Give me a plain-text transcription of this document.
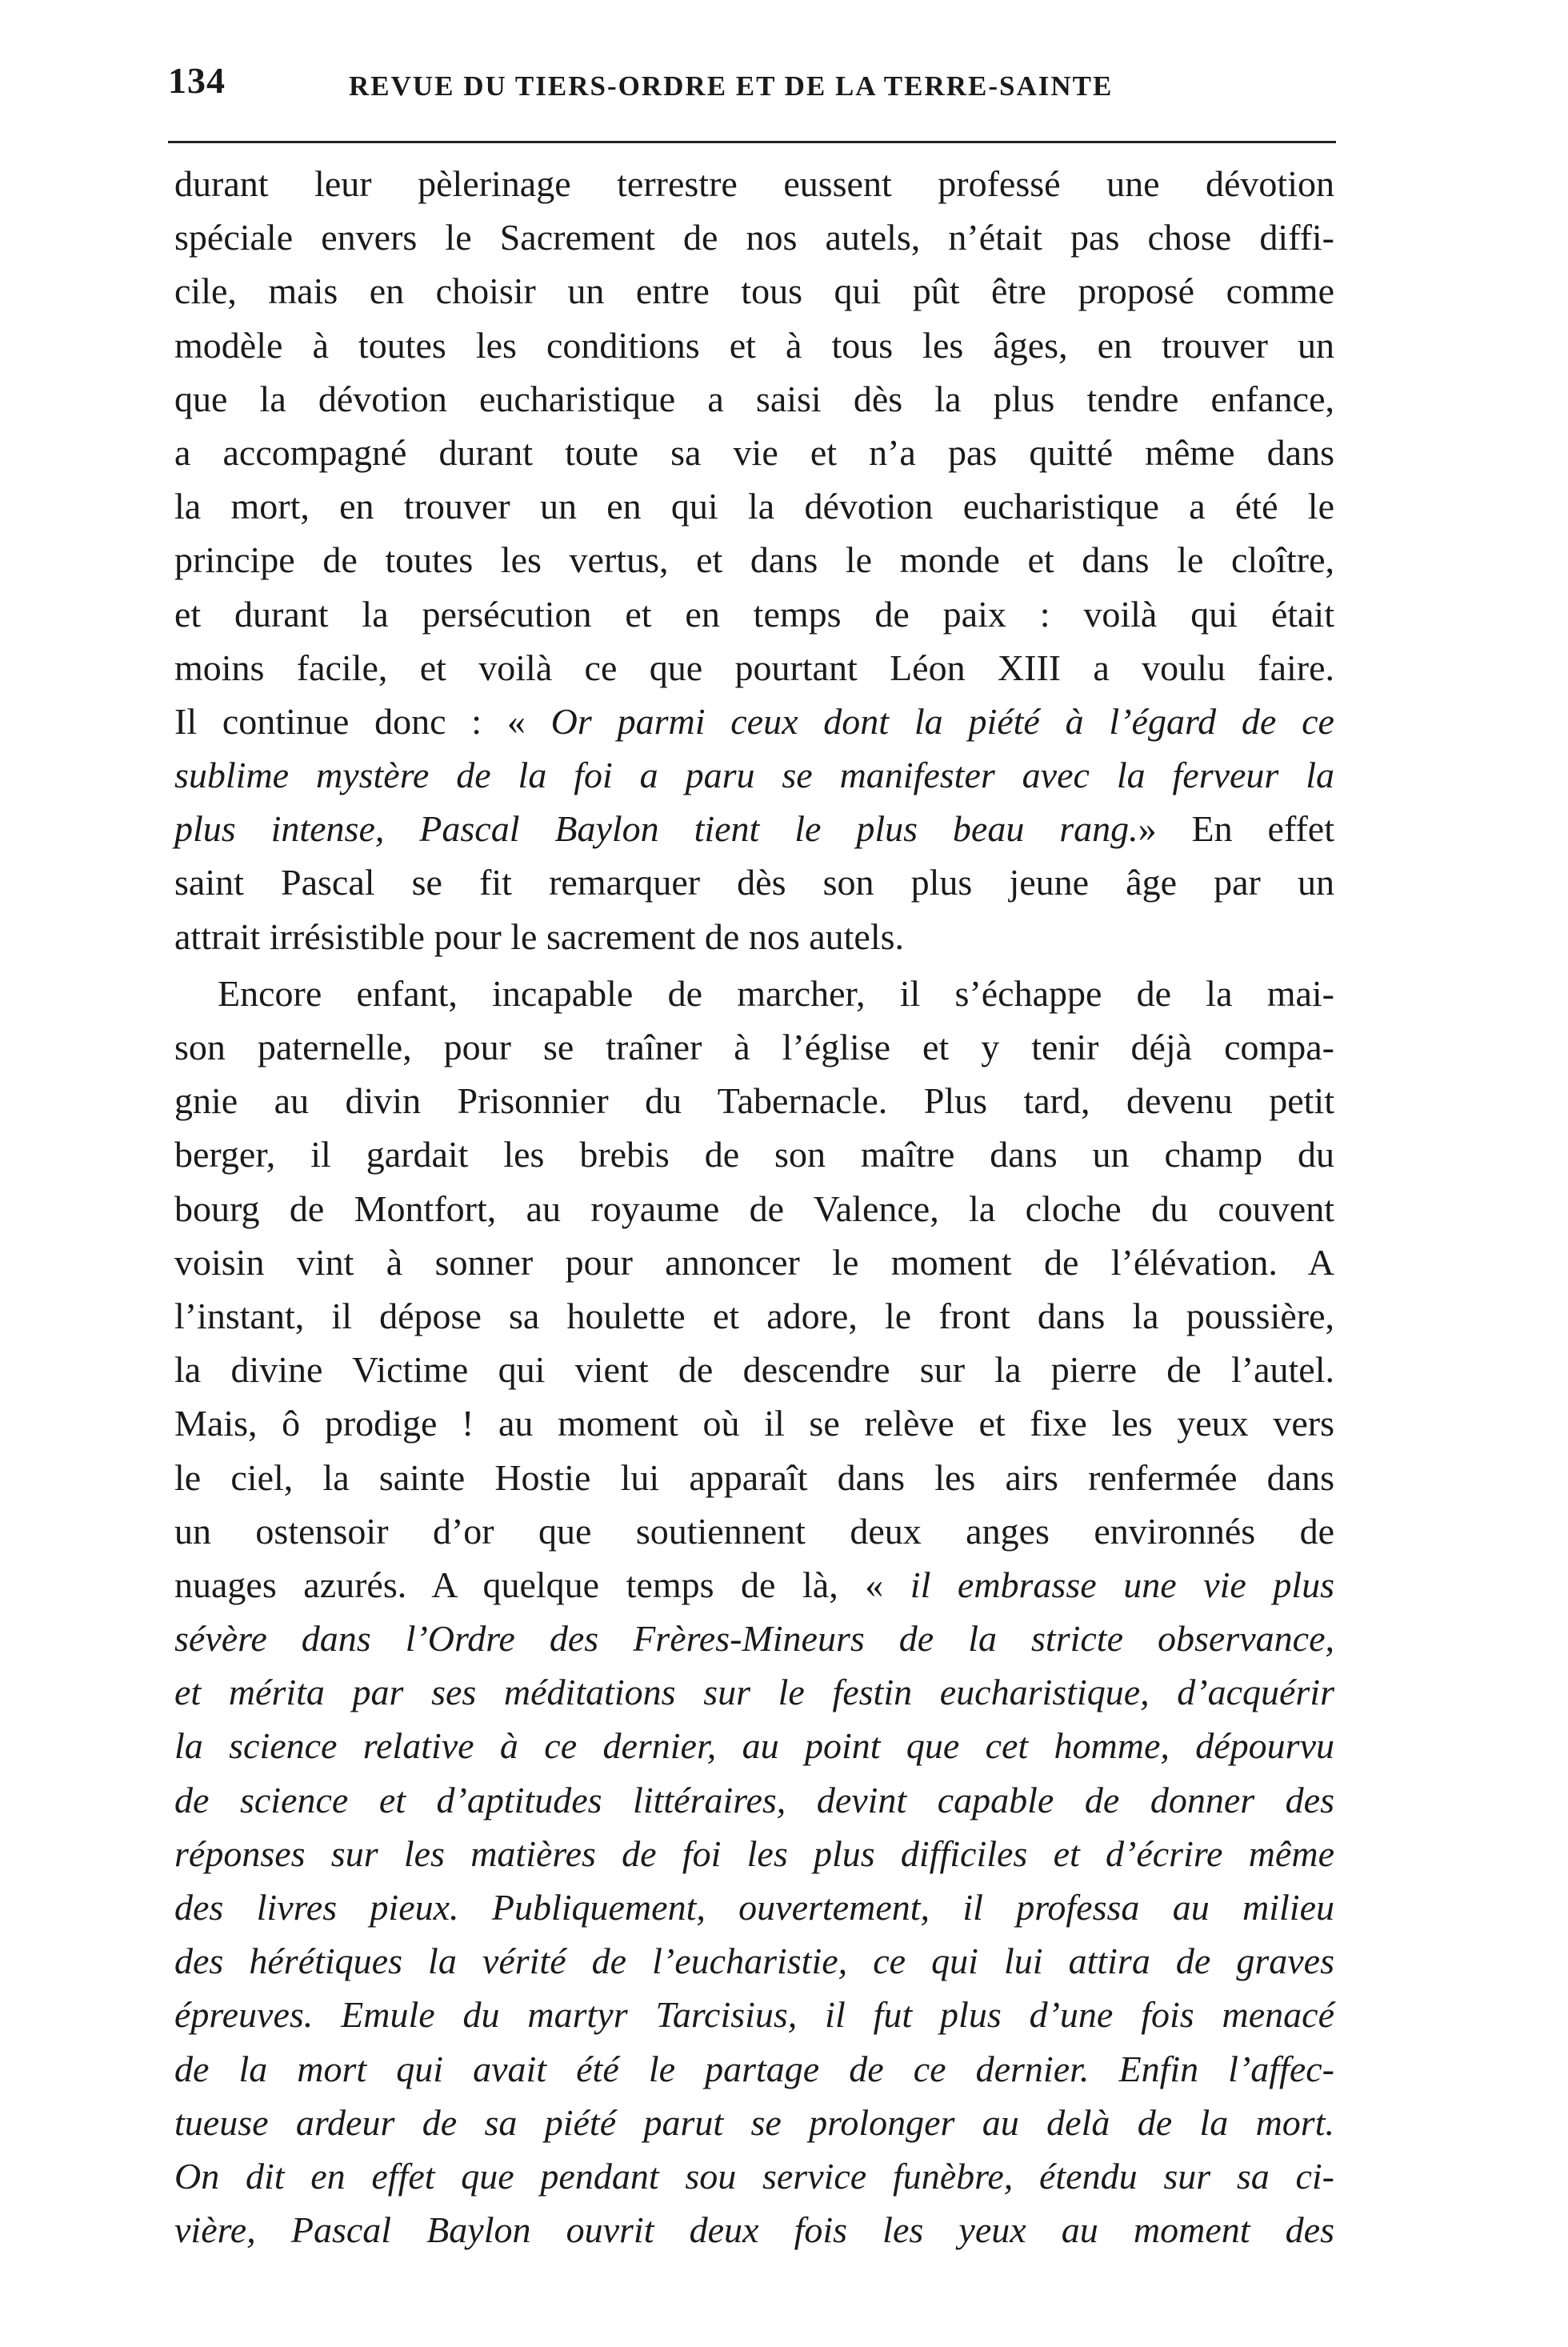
134	REVUE DU TIERS-ORDRE ET DE LA TERRE-SAINTE
durant leur pèlerinage terrestre eussent professé une dévotion
spéciale envers le Sacrement de nos autels, n’était pas chose diffi-
cile, mais en choisir un entre tous qui pût être proposé comme
modèle à toutes les conditions et à tous les âges, en trouver un
que la dévotion eucharistique a saisi dès la plus tendre enfance,
a accompagné durant toute sa vie et n’a pas quitté même dans
la mort, en trouver un en qui la dévotion eucharistique a été le
principe de toutes les vertus, et dans le monde et dans le cloître,
et durant la persécution et en temps de paix : voilà qui était
moins facile, et voilà ce que pourtant Léon XIII a voulu faire.
Il continue donc : « Or parmi ceux dont la piété à l’égard de ce
sublime mystère de la foi a paru se manifester avec la ferveur la
plus intense, Pascal Baylon tient le plus beau rang.» En effet
saint Pascal se fit remarquer dès son plus jeune âge par un
attrait irrésistible pour le sacrement de nos autels.
Encore enfant, incapable de marcher, il s’échappe de la mai-
son paternelle, pour se traîner à l’église et y tenir déjà compa-
gnie au divin Prisonnier du Tabernacle. Plus tard, devenu petit
berger, il gardait les brebis de son maître dans un champ du
bourg de Montfort, au royaume de Valence, la cloche du couvent
voisin vint à sonner pour annoncer le moment de l’élévation. A
l’instant, il dépose sa houlette et adore, le front dans la poussière,
la divine Victime qui vient de descendre sur la pierre de l’autel.
Mais, ô prodige ! au moment où il se relève et fixe les yeux vers
le ciel, la sainte Hostie lui apparaît dans les airs renfermée dans
un ostensoir d’or que soutiennent deux anges environnés de
nuages azurés. A quelque temps de là, « il embrasse une vie plus
sévère dans l’Ordre des Frères-Mineurs de la stricte observance,
et mérita par ses méditations sur le festin eucharistique, d’acquérir
la science relative à ce dernier, au point que cet homme, dépourvu
de science et d’aptitudes littéraires, devint capable de donner des
réponses sur les matières de foi les plus difficiles et d’écrire même
des livres pieux. Publiquement, ouvertement, il professa au milieu
des hérétiques la vérité de l’eucharistie, ce qui lui attira de graves
épreuves. Emule du martyr Tarcisius, il fut plus d’une fois menacé
de la mort qui avait été le partage de ce dernier. Enfin l’affec-
tueuse ardeur de sa piété parut se prolonger au delà de la mort.
On dit en effet que pendant sou service funèbre, étendu sur sa ci-
vière, Pascal Baylon ouvrit deux fois les yeux au moment des
